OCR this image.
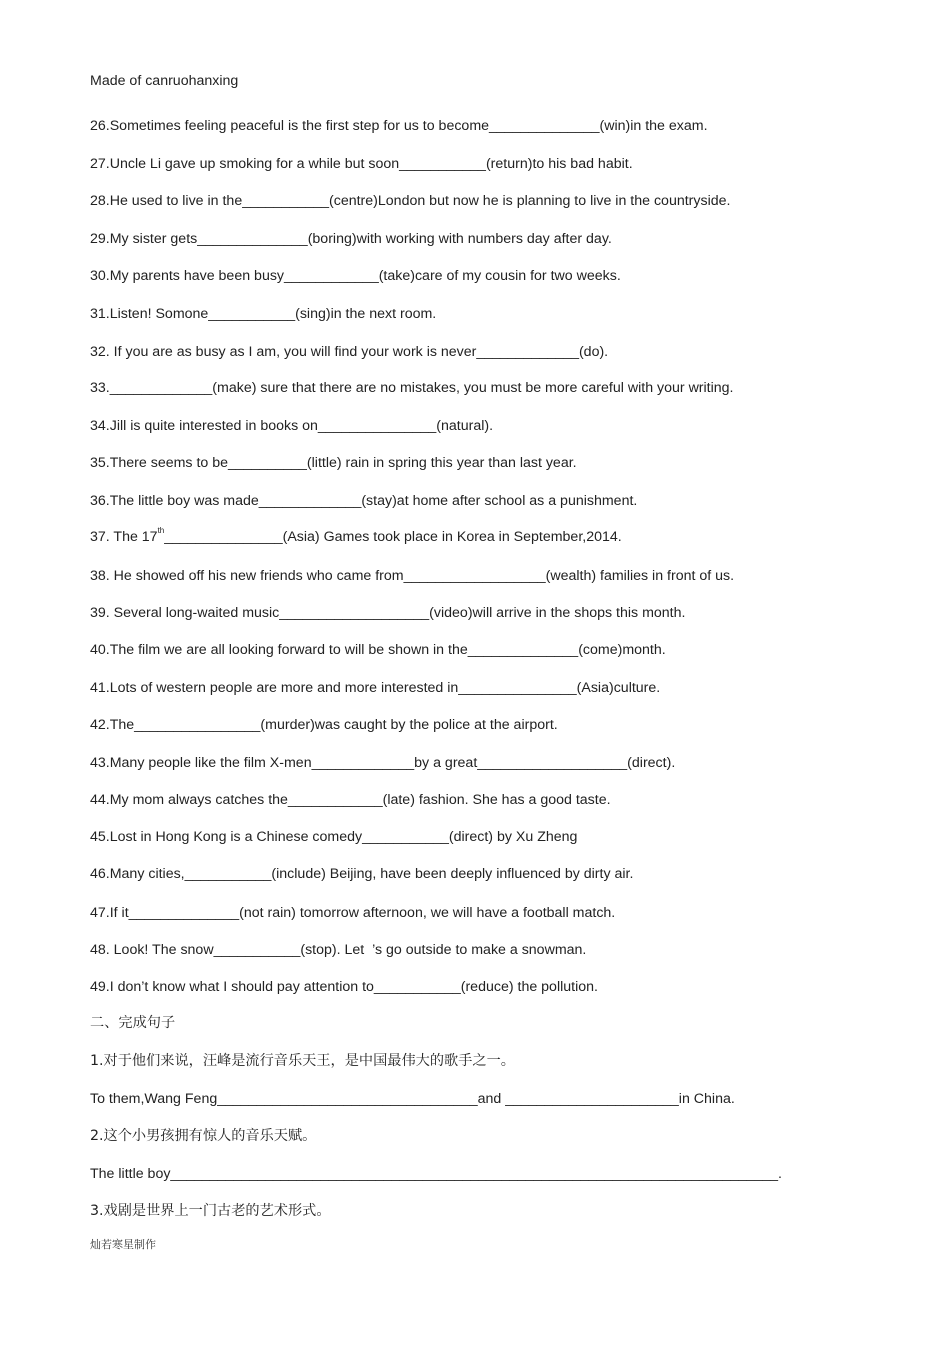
Made of canruohanxing
26.Sometimes feeling peaceful is the first step for us to become______________(win)in the exam.
27.Uncle Li gave up smoking for a while but soon___________(return)to his bad habit.
28.He used to live in the___________(centre)London but now he is planning to live in the countryside.
29.My sister gets______________(boring)with working with numbers day after day.
30.My parents have been busy____________(take)care of my cousin for two weeks.
31.Listen! Somone___________(sing)in the next room.
32. If you are as busy as I am, you will find your work is never_____________(do).
33._____________(make) sure that there are no mistakes, you must be more careful with your writing.
34.Jill is quite interested in books on_______________(natural).
35.There seems to be__________(little) rain in spring this year than last year.
36.The little boy was made_____________(stay)at home after school as a punishment.
37. The 17th_______________(Asia) Games took place in Korea in September,2014.
38. He showed off his new friends who came from__________________(wealth) families in front of us.
39. Several long-waited music___________________(video)will arrive in the shops this month.
40.The film we are all looking forward to will be shown in the______________(come)month.
41.Lots of western people are more and more interested in_______________(Asia)culture.
42.The________________(murder)was caught by the police at the airport.
43.Many people like the film X-men_____________by a great___________________(direct).
44.My mom always catches the____________(late) fashion. She has a good taste.
45.Lost in Hong Kong is a Chinese comedy___________(direct) by Xu Zheng
46.Many cities,___________(include) Beijing, have been deeply influenced by dirty air.
47.If it______________(not rain) tomorrow afternoon, we will have a football match.
48. Look! The snow___________(stop). Let  ’s go outside to make a snowman.
49.I don’t know what I should pay attention to___________(reduce) the pollution.
二、完成句子
1.对于他们来说，汪峰是流行音乐天王，是中国最伟大的歌手之一。
To them,Wang Feng_________________________________and ______________________in China.
2.这个小男孩拥有惊人的音乐天赋。
The little boy_____________________________________________________________________________.
3.戏剧是世界上一门古老的艺术形式。
灿若寒星制作
